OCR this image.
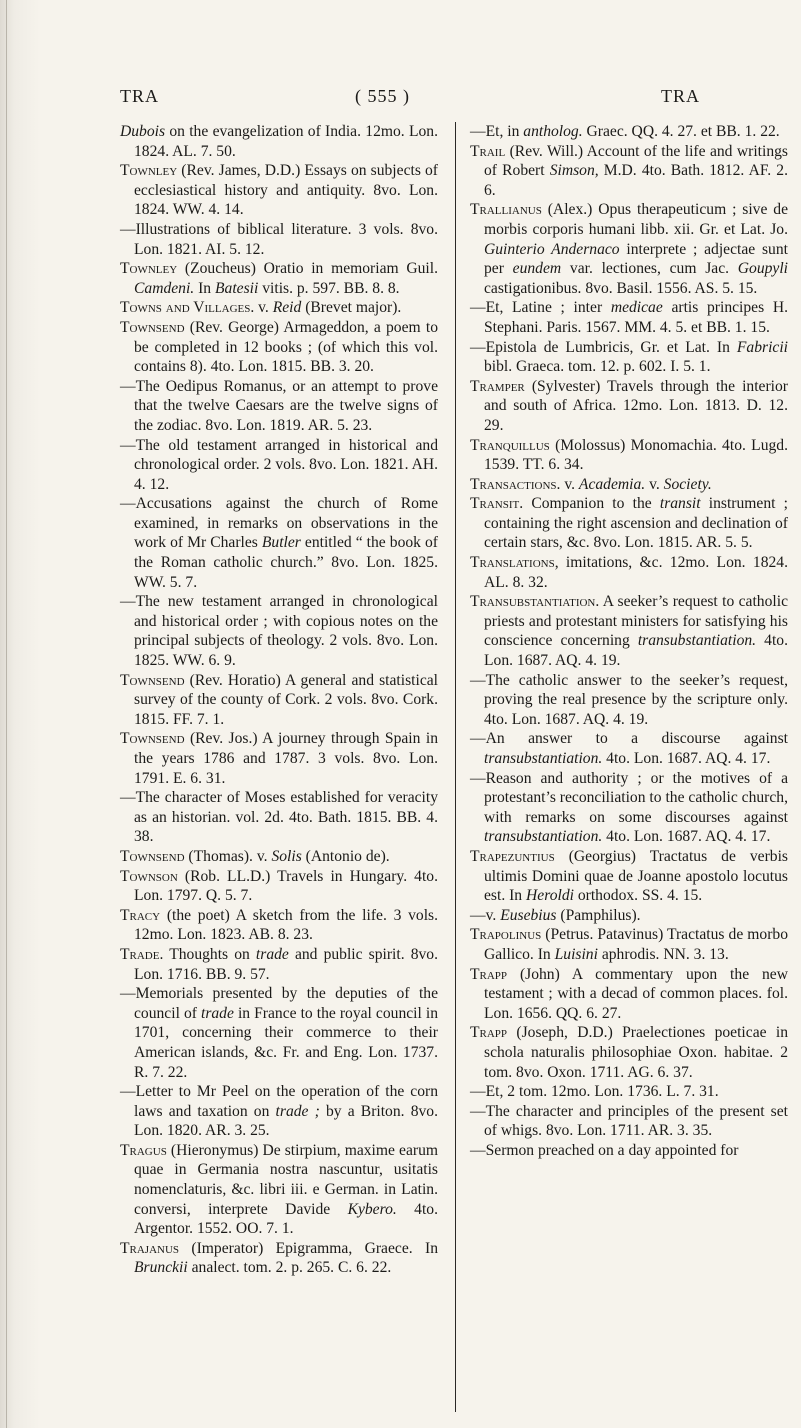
TRA	( 555 )	TRA

Dubois on the evangelization of India. 12mo. Lon. 1824. AL. 7. 50.

Townley (Rev. James, D.D.) Essays on subjects of ecclesiastical history and antiquity. 8vo. Lon. 1824. WW. 4. 14.

—Illustrations of biblical literature. 3 vols. 8vo. Lon. 1821. AI. 5. 12.

Townley (Zoucheus) Oratio in memoriam Guil. Camdeni. In Batesii vitis. p. 597. BB. 8. 8.

Towns and Villages. v. Reid (Brevet major).

Townsend (Rev. George) Armageddon, a poem to be completed in 12 books ; (of which this vol. contains 8). 4to. Lon. 1815. BB. 3. 20.

—The Oedipus Romanus, or an attempt to prove that the twelve Caesars are the twelve signs of the zodiac. 8vo. Lon. 1819. AR. 5. 23.

—The old testament arranged in historical and chronological order. 2 vols. 8vo. Lon. 1821. AH. 4. 12.

—Accusations against the church of Rome examined, in remarks on observations in the work of Mr Charles Butler entitled “ the book of the Roman catholic church.” 8vo. Lon. 1825. WW. 5. 7.

—The new testament arranged in chronological and historical order ; with copious notes on the principal subjects of theology. 2 vols. 8vo. Lon. 1825. WW. 6. 9.

Townsend (Rev. Horatio) A general and statistical survey of the county of Cork. 2 vols. 8vo. Cork. 1815. FF. 7. 1.

Townsend (Rev. Jos.) A journey through Spain in the years 1786 and 1787. 3 vols. 8vo. Lon. 1791. E. 6. 31.

—The character of Moses established for veracity as an historian. vol. 2d. 4to. Bath. 1815. BB. 4. 38.

Townsend (Thomas). v. Solis (Antonio de).

Townson (Rob. LL.D.) Travels in Hungary. 4to. Lon. 1797. Q. 5. 7.

Tracy (the poet) A sketch from the life. 3 vols. 12mo. Lon. 1823. AB. 8. 23.

Trade. Thoughts on trade and public spirit. 8vo. Lon. 1716. BB. 9. 57.

—Memorials presented by the deputies of the council of trade in France to the royal council in 1701, concerning their commerce to their American islands, &c. Fr. and Eng. Lon. 1737. R. 7. 22.

—Letter to Mr Peel on the operation of the corn laws and taxation on trade ; by a Briton. 8vo. Lon. 1820. AR. 3. 25.

Tragus (Hieronymus) De stirpium, maxime earum quae in Germania nostra nascuntur, usitatis nomenclaturis, &c. libri iii. e German. in Latin. conversi, interprete Davide Kybero. 4to. Argentor. 1552. OO. 7. 1.

Trajanus (Imperator) Epigramma, Graece. In Brunckii analect. tom. 2. p. 265. C. 6. 22.

—Et, in antholog. Graec. QQ. 4. 27. et BB. 1. 22.

Trail (Rev. Will.) Account of the life and writings of Robert Simson, M.D. 4to. Bath. 1812. AF. 2. 6.

Trallianus (Alex.) Opus therapeuticum ; sive de morbis corporis humani libb. xii. Gr. et Lat. Jo. Guinterio Andernaco interprete ; adjectae sunt per eundem var. lectiones, cum Jac. Goupyli castigationibus. 8vo. Basil. 1556. AS. 5. 15.

—Et, Latine ; inter medicae artis principes H. Stephani. Paris. 1567. MM. 4. 5. et BB. 1. 15.

—Epistola de Lumbricis, Gr. et Lat. In Fabricii bibl. Graeca. tom. 12. p. 602. I. 5. 1.

Tramper (Sylvester) Travels through the interior and south of Africa. 12mo. Lon. 1813. D. 12. 29.

Tranquillus (Molossus) Monomachia. 4to. Lugd. 1539. TT. 6. 34.

Transactions. v. Academia. v. Society.

Transit. Companion to the transit instrument ; containing the right ascension and declination of certain stars, &c. 8vo. Lon. 1815. AR. 5. 5.

Translations, imitations, &c. 12mo. Lon. 1824. AL. 8. 32.

Transubstantiation. A seeker’s request to catholic priests and protestant ministers for satisfying his conscience concerning transubstantiation. 4to. Lon. 1687. AQ. 4. 19.

—The catholic answer to the seeker’s request, proving the real presence by the scripture only. 4to. Lon. 1687. AQ. 4. 19.

—An answer to a discourse against transubstantiation. 4to. Lon. 1687. AQ. 4. 17.

—Reason and authority ; or the motives of a protestant’s reconciliation to the catholic church, with remarks on some discourses against transubstantiation. 4to. Lon. 1687. AQ. 4. 17.

Trapezuntius (Georgius) Tractatus de verbis ultimis Domini quae de Joanne apostolo locutus est. In Heroldi orthodox. SS. 4. 15.

—v. Eusebius (Pamphilus).

Trapolinus (Petrus. Patavinus) Tractatus de morbo Gallico. In Luisini aphrodis. NN. 3. 13.

Trapp (John) A commentary upon the new testament ; with a decad of common places. fol. Lon. 1656. QQ. 6. 27.

Trapp (Joseph, D.D.) Praelectiones poeticae in schola naturalis philosophiae Oxon. habitae. 2 tom. 8vo. Oxon. 1711. AG. 6. 37.

—Et, 2 tom. 12mo. Lon. 1736. L. 7. 31.

—The character and principles of the present set of whigs. 8vo. Lon. 1711. AR. 3. 35.

—Sermon preached on a day appointed for
